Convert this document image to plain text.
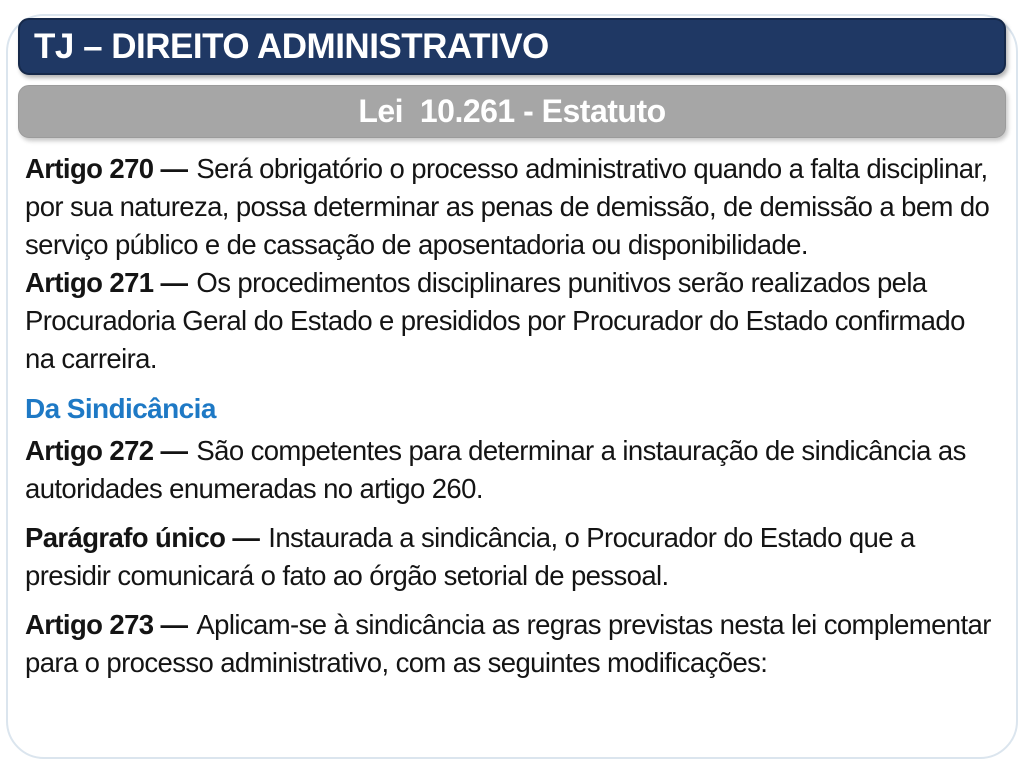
TJ – DIREITO ADMINISTRATIVO
Lei  10.261 - Estatuto

Artigo 270 — Será obrigatório o processo administrativo quando a falta disciplinar, por sua natureza, possa determinar as penas de demissão, de demissão a bem do serviço público e de cassação de aposentadoria ou disponibilidade.

Artigo 271 — Os procedimentos disciplinares punitivos serão realizados pela Procuradoria Geral do Estado e presididos por Procurador do Estado confirmado na carreira.

Da Sindicância

Artigo 272 — São competentes para determinar a instauração de sindicância as autoridades enumeradas no artigo 260.

Parágrafo único — Instaurada a sindicância, o Procurador do Estado que a presidir comunicará o fato ao órgão setorial de pessoal.

Artigo 273 — Aplicam-se à sindicância as regras previstas nesta lei complementar para o processo administrativo, com as seguintes modificações:
